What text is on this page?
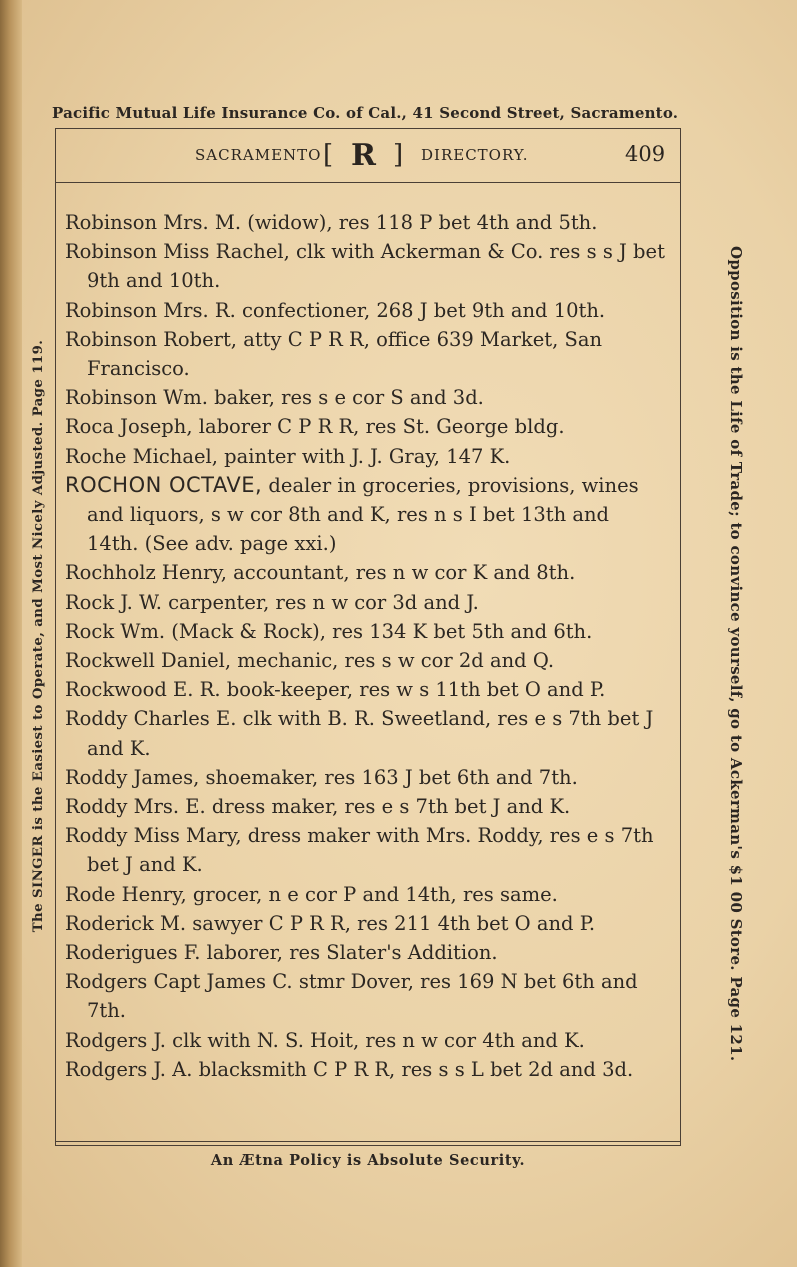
Pacific Mutual Life Insurance Co. of Cal., 41 Second Street, Sacramento.
SACRAMENTO [ R ] DIRECTORY.	409

Robinson Mrs. M. (widow), res 118 P bet 4th and 5th.

Robinson Miss Rachel, clk with Ackerman & Co. res s s J bet 9th and 10th.

Robinson Mrs. R. confectioner, 268 J bet 9th and 10th.

Robinson Robert, atty C P R R, office 639 Market, San Francisco.

Robinson Wm. baker, res s e cor S and 3d.

Roca Joseph, laborer C P R R, res St. George bldg.

Roche Michael, painter with J. J. Gray, 147 K.

ROCHON OCTAVE, dealer in groceries, provisions, wines and liquors, s w cor 8th and K, res n s I bet 13th and 14th. (See adv. page xxi.)

Rochholz Henry, accountant, res n w cor K and 8th.

Rock J. W. carpenter, res n w cor 3d and J.

Rock Wm. (Mack & Rock), res 134 K bet 5th and 6th.

Rockwell Daniel, mechanic, res s w cor 2d and Q.

Rockwood E. R. book-keeper, res w s 11th bet O and P.

Roddy Charles E. clk with B. R. Sweetland, res e s 7th bet J and K.

Roddy James, shoemaker, res 163 J bet 6th and 7th.

Roddy Mrs. E. dress maker, res e s 7th bet J and K.

Roddy Miss Mary, dress maker with Mrs. Roddy, res e s 7th bet J and K.

Rode Henry, grocer, n e cor P and 14th, res same.

Roderick M. sawyer C P R R, res 211 4th bet O and P.

Roderigues F. laborer, res Slater's Addition.

Rodgers Capt James C. stmr Dover, res 169 N bet 6th and 7th.

Rodgers J. clk with N. S. Hoit, res n w cor 4th and K.

Rodgers J. A. blacksmith C P R R, res s s L bet 2d and 3d.

The SINGER is the Easiest to Operate, and Most Nicely Adjusted. Page 119.	Opposition is the Life of Trade; to convince yourself, go to Ackerman's $1 00 Store. Page 121.
An Ætna Policy is Absolute Security.
